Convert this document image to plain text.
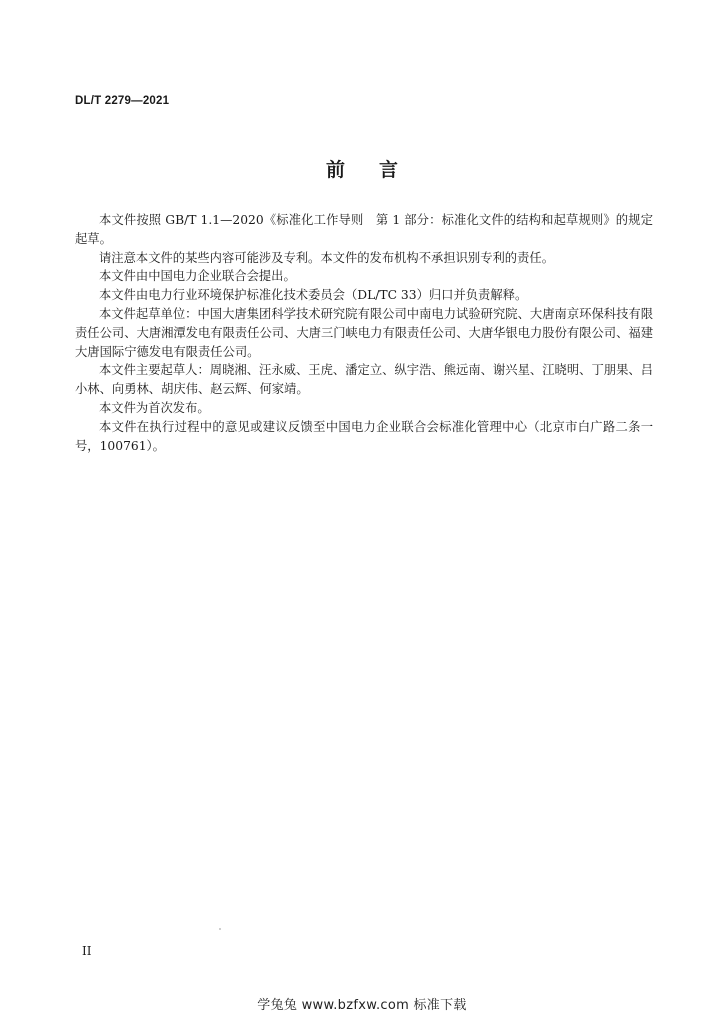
DL/T 2279—2021
前言

本文件按照 GB/T 1.1—2020《标准化工作导则　第 1 部分：标准化文件的结构和起草规则》的规定起草。

请注意本文件的某些内容可能涉及专利。本文件的发布机构不承担识别专利的责任。

本文件由中国电力企业联合会提出。

本文件由电力行业环境保护标准化技术委员会（DL/TC 33）归口并负责解释。

本文件起草单位：中国大唐集团科学技术研究院有限公司中南电力试验研究院、大唐南京环保科技有限责任公司、大唐湘潭发电有限责任公司、大唐三门峡电力有限责任公司、大唐华银电力股份有限公司、福建大唐国际宁德发电有限责任公司。

本文件主要起草人：周晓湘、汪永威、王虎、潘定立、纵宇浩、熊远南、谢兴星、江晓明、丁朋果、吕小林、向勇林、胡庆伟、赵云辉、何家靖。

本文件为首次发布。

本文件在执行过程中的意见或建议反馈至中国电力企业联合会标准化管理中心（北京市白广路二条一号，100761）。

II
学兔兔 www.bzfxw.com 标准下载
